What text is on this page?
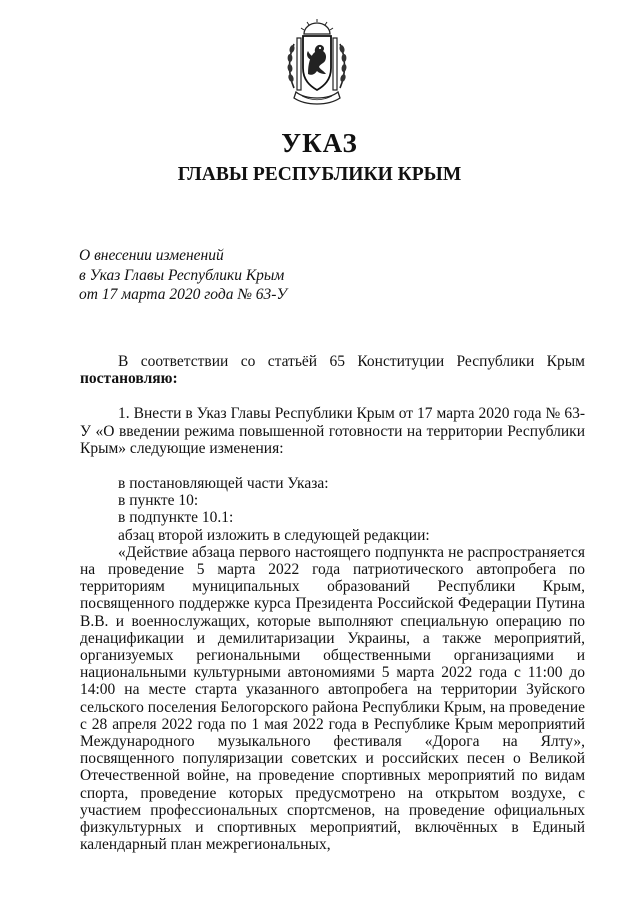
УКАЗ
ГЛАВЫ РЕСПУБЛИКИ КРЫМ
О внесении изменений
в Указ Главы Республики Крым
от 17 марта 2020 года № 63-У

В соответствии со статьёй 65 Конституции Республики Крым постановляю:

1. Внести в Указ Главы Республики Крым от 17 марта 2020 года № 63-У «О введении режима повышенной готовности на территории Республики Крым» следующие изменения:

в постановляющей части Указа:
в пункте 10:
в подпункте 10.1:
абзац второй изложить в следующей редакции:

«Действие абзаца первого настоящего подпункта не распространяется на проведение 5 марта 2022 года патриотического автопробега по территориям муниципальных образований Республики Крым, посвященного поддержке курса Президента Российской Федерации Путина В.В. и военнослужащих, которые выполняют специальную операцию по денацификации и демилитаризации Украины, а также мероприятий, организуемых региональными общественными организациями и национальными культурными автономиями 5 марта 2022 года с 11:00 до 14:00 на месте старта указанного автопробега на территории Зуйского сельского поселения Белогорского района Республики Крым, на проведение с 28 апреля 2022 года по 1 мая 2022 года в Республике Крым мероприятий Международного музыкального фестиваля «Дорога на Ялту», посвященного популяризации советских и российских песен о Великой Отечественной войне, на проведение спортивных мероприятий по видам спорта, проведение которых предусмотрено на открытом воздухе, с участием профессиональных спортсменов, на проведение официальных физкультурных и спортивных мероприятий, включённых в Единый календарный план межрегиональных,
